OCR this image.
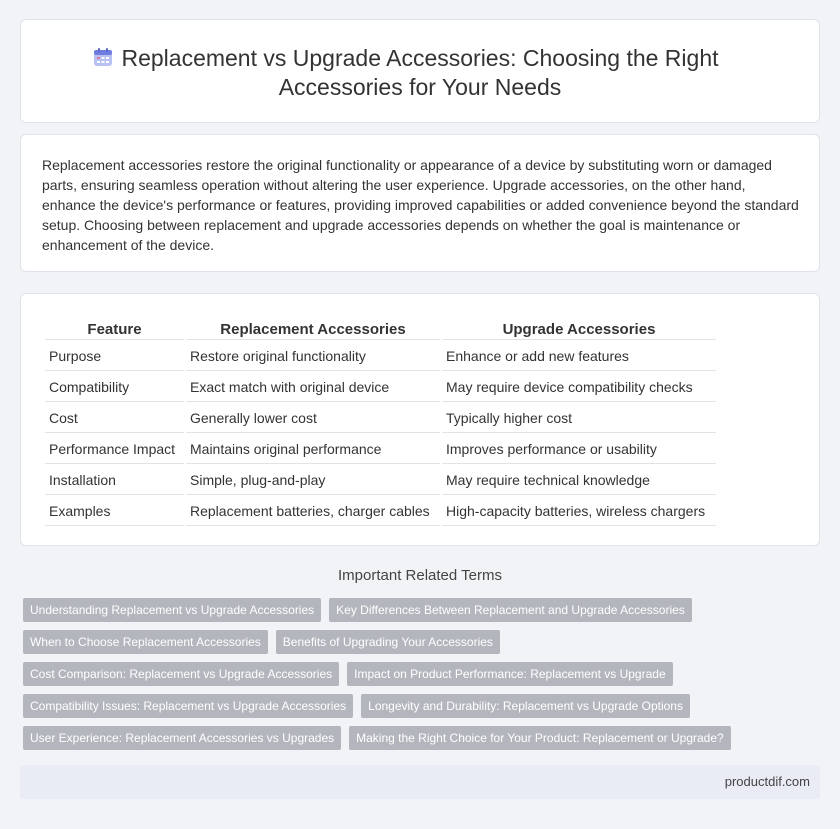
Replacement vs Upgrade Accessories: Choosing the Right
Accessories for Your Needs

Replacement accessories restore the original functionality or appearance of a device by substituting worn or damaged parts, ensuring seamless operation without altering the user experience. Upgrade accessories, on the other hand, enhance the device's performance or features, providing improved capabilities or added convenience beyond the standard setup. Choosing between replacement and upgrade accessories depends on whether the goal is maintenance or enhancement of the device.

Feature	Replacement Accessories	Upgrade Accessories
Purpose	Restore original functionality	Enhance or add new features
Compatibility	Exact match with original device	May require device compatibility checks
Cost	Generally lower cost	Typically higher cost
Performance Impact	Maintains original performance	Improves performance or usability
Installation	Simple, plug-and-play	May require technical knowledge
Examples	Replacement batteries, charger cables	High-capacity batteries, wireless chargers
Important Related Terms
Understanding Replacement vs Upgrade Accessories	Key Differences Between Replacement and Upgrade Accessories
When to Choose Replacement Accessories	Benefits of Upgrading Your Accessories
Cost Comparison: Replacement vs Upgrade Accessories	Impact on Product Performance: Replacement vs Upgrade
Compatibility Issues: Replacement vs Upgrade Accessories	Longevity and Durability: Replacement vs Upgrade Options
User Experience: Replacement Accessories vs Upgrades	Making the Right Choice for Your Product: Replacement or Upgrade?
productdif.com
